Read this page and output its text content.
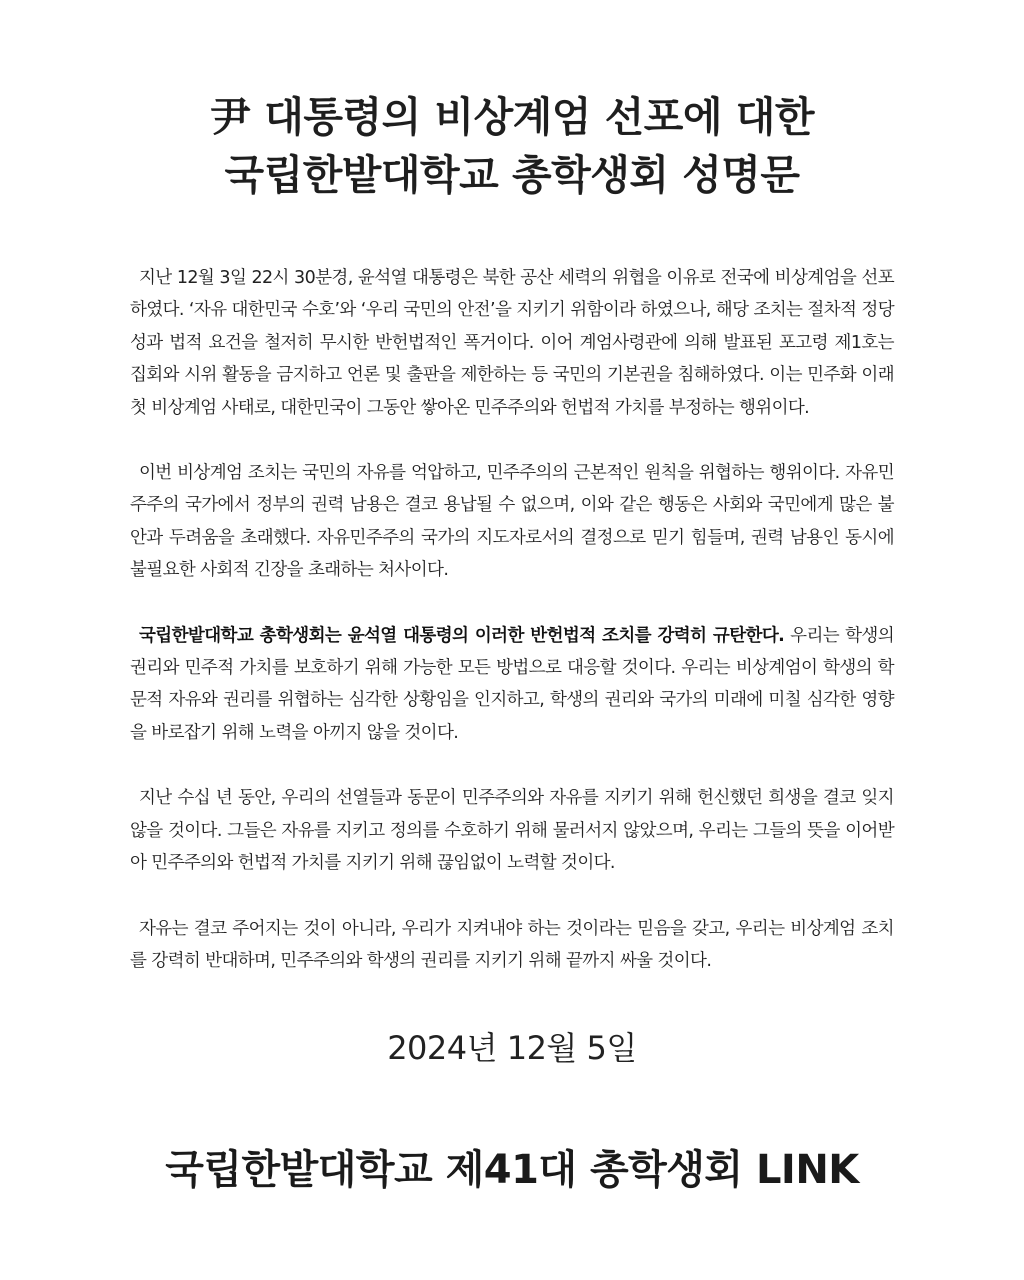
尹 대통령의 비상계엄 선포에 대한
국립한밭대학교 총학생회 성명문

지난 12월 3일 22시 30분경, 윤석열 대통령은 북한 공산 세력의 위협을 이유로 전국에 비상계엄을 선포하였다. ‘자유 대한민국 수호’와 ‘우리 국민의 안전’을 지키기 위함이라 하였으나, 해당 조치는 절차적 정당성과 법적 요건을 철저히 무시한 반헌법적인 폭거이다. 이어 계엄사령관에 의해 발표된 포고령 제1호는 집회와 시위 활동을 금지하고 언론 및 출판을 제한하는 등 국민의 기본권을 침해하였다. 이는 민주화 이래 첫 비상계엄 사태로, 대한민국이 그동안 쌓아온 민주주의와 헌법적 가치를 부정하는 행위이다.

이번 비상계엄 조치는 국민의 자유를 억압하고, 민주주의의 근본적인 원칙을 위협하는 행위이다. 자유민주주의 국가에서 정부의 권력 남용은 결코 용납될 수 없으며, 이와 같은 행동은 사회와 국민에게 많은 불안과 두려움을 초래했다. 자유민주주의 국가의 지도자로서의 결정으로 믿기 힘들며, 권력 남용인 동시에 불필요한 사회적 긴장을 초래하는 처사이다.

국립한밭대학교 총학생회는 윤석열 대통령의 이러한 반헌법적 조치를 강력히 규탄한다. 우리는 학생의 권리와 민주적 가치를 보호하기 위해 가능한 모든 방법으로 대응할 것이다. 우리는 비상계엄이 학생의 학문적 자유와 권리를 위협하는 심각한 상황임을 인지하고, 학생의 권리와 국가의 미래에 미칠 심각한 영향을 바로잡기 위해 노력을 아끼지 않을 것이다.

지난 수십 년 동안, 우리의 선열들과 동문이 민주주의와 자유를 지키기 위해 헌신했던 희생을 결코 잊지 않을 것이다. 그들은 자유를 지키고 정의를 수호하기 위해 물러서지 않았으며, 우리는 그들의 뜻을 이어받아 민주주의와 헌법적 가치를 지키기 위해 끊임없이 노력할 것이다.

자유는 결코 주어지는 것이 아니라, 우리가 지켜내야 하는 것이라는 믿음을 갖고, 우리는 비상계엄 조치를 강력히 반대하며, 민주주의와 학생의 권리를 지키기 위해 끝까지 싸울 것이다.

2024년 12월 5일
국립한밭대학교 제41대 총학생회 LINK
